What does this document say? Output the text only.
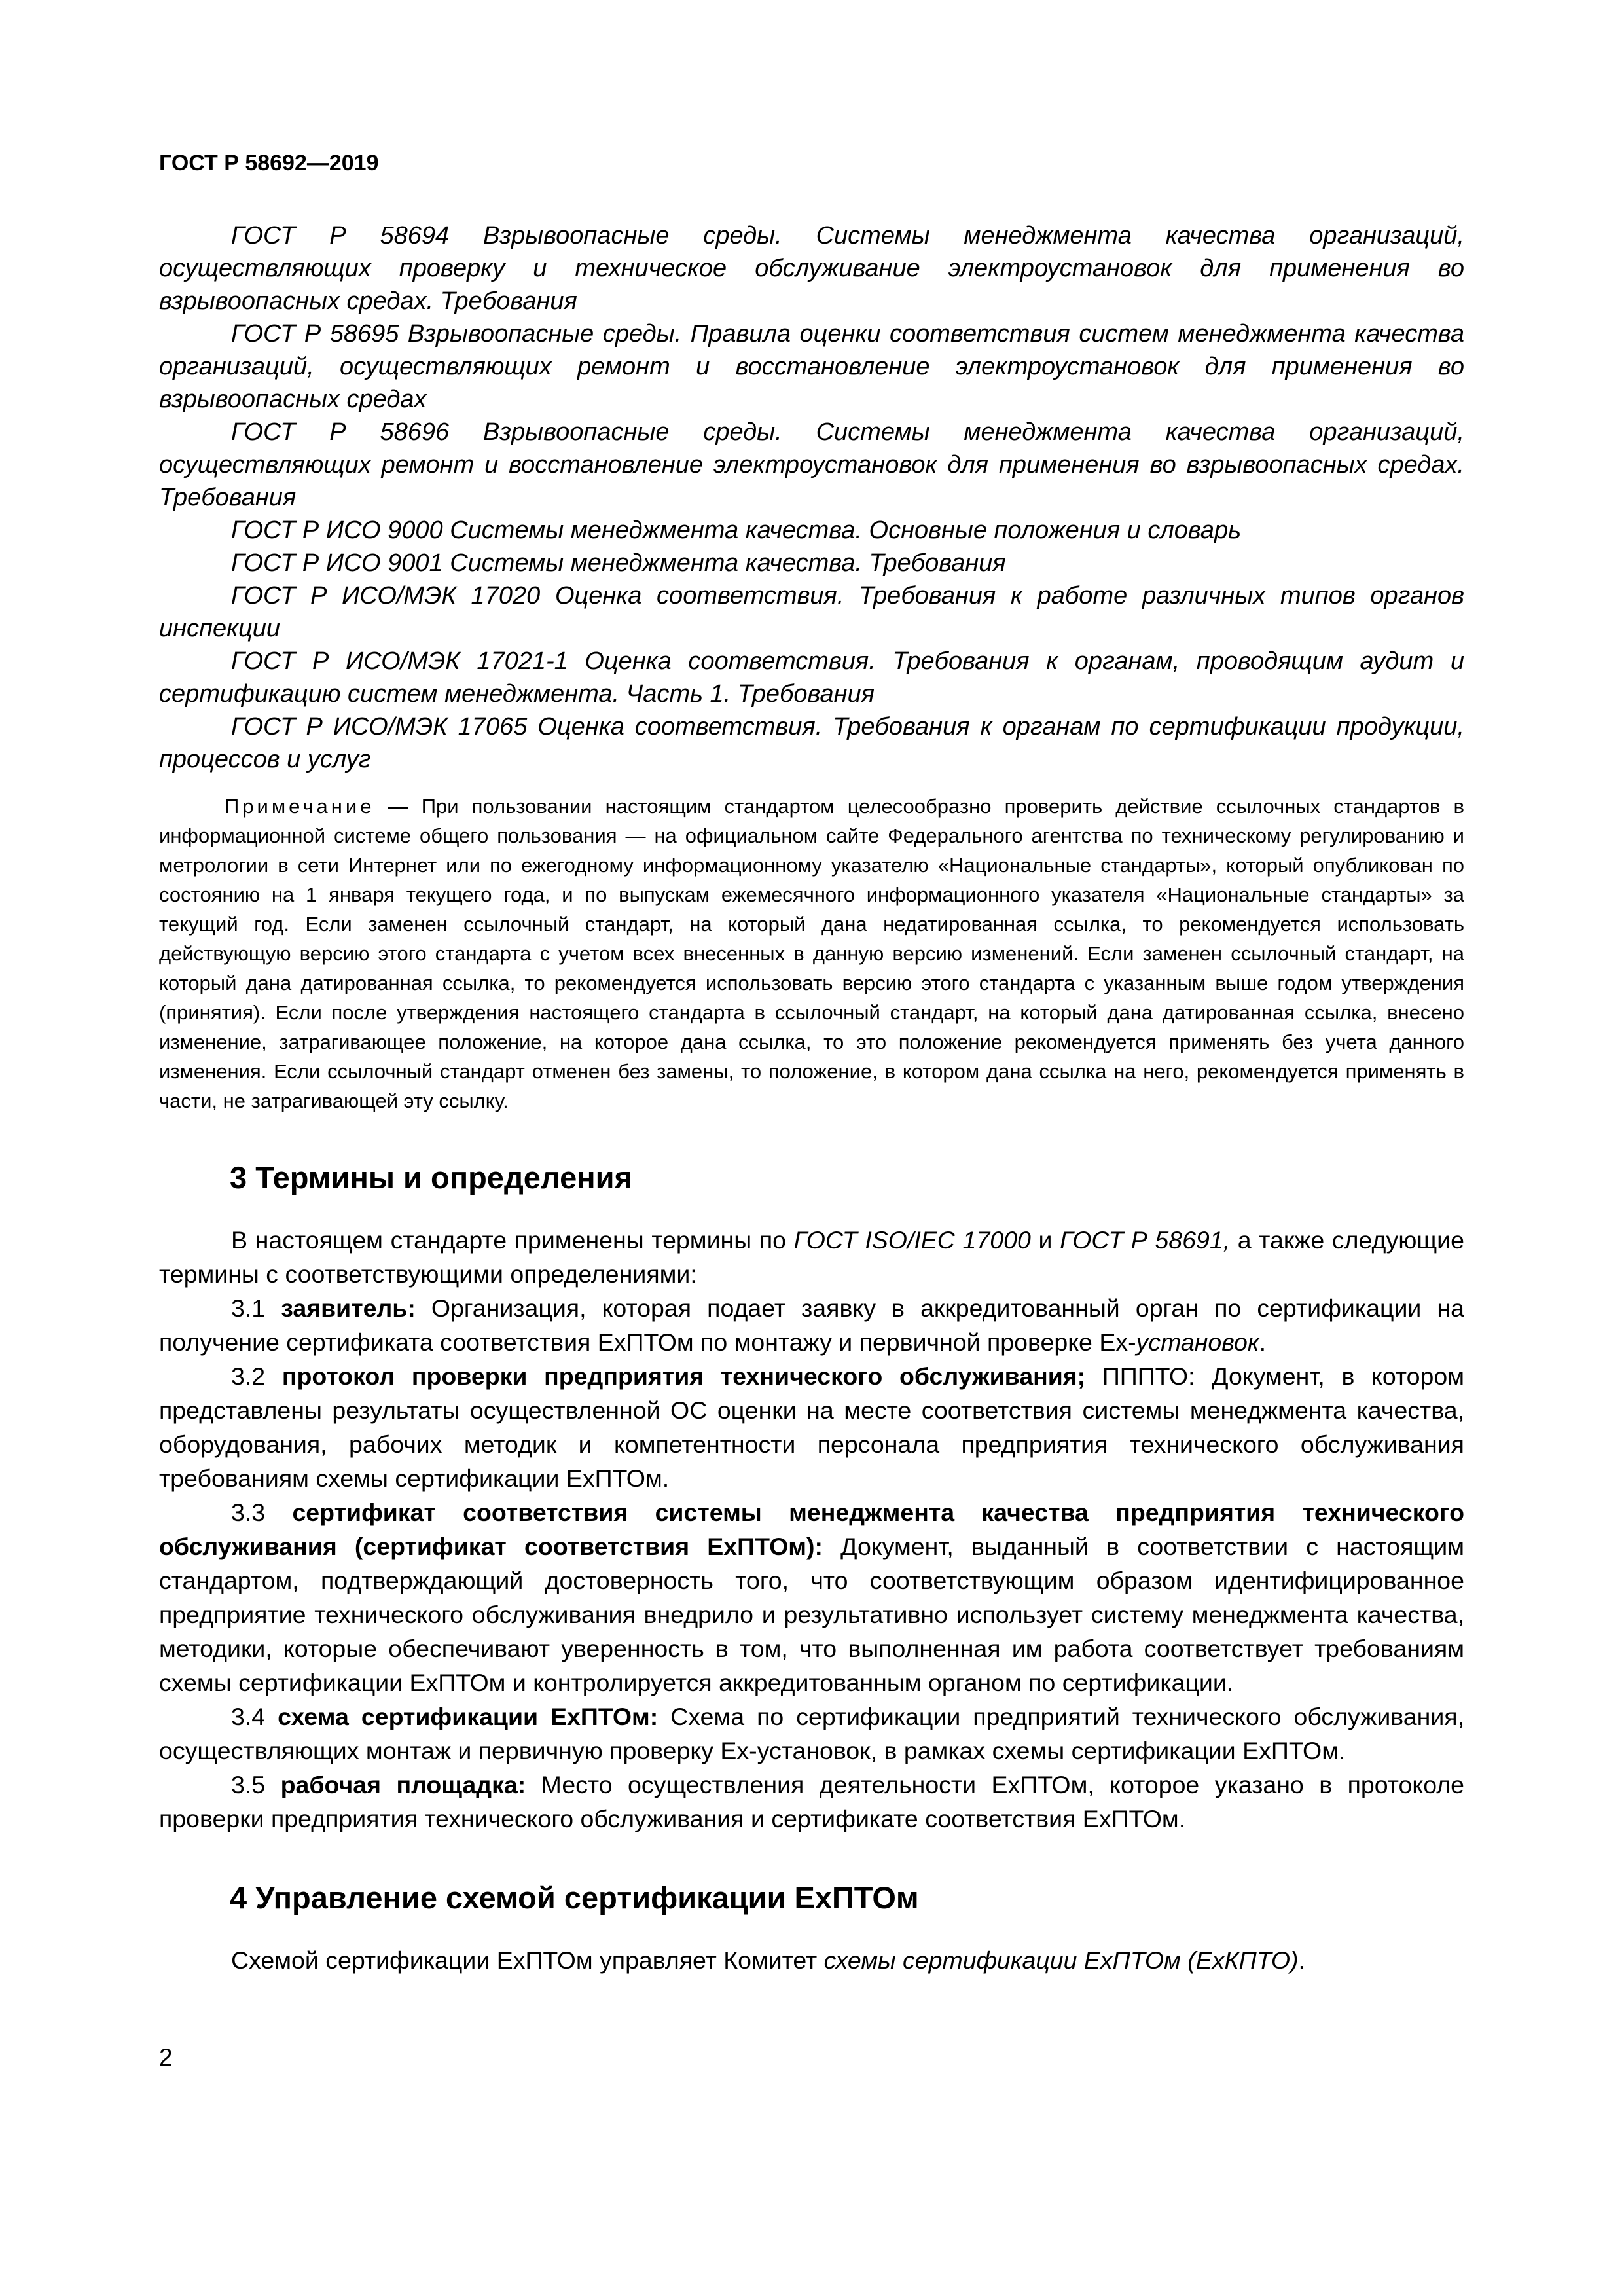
ГОСТ Р 58692—2019

ГОСТ Р 58694 Взрывоопасные среды. Системы менеджмента качества организаций, осуществляющих проверку и техническое обслуживание электроустановок для применения во взрывоопасных средах. Требования

ГОСТ Р 58695 Взрывоопасные среды. Правила оценки соответствия систем менеджмента качества организаций, осуществляющих ремонт и восстановление электроустановок для применения во взрывоопасных средах

ГОСТ Р 58696 Взрывоопасные среды. Системы менеджмента качества организаций, осуществляющих ремонт и восстановление электроустановок для применения во взрывоопасных средах. Требования

ГОСТ Р ИСО 9000 Системы менеджмента качества. Основные положения и словарь

ГОСТ Р ИСО 9001 Системы менеджмента качества. Требования

ГОСТ Р ИСО/МЭК 17020 Оценка соответствия. Требования к работе различных типов органов инспекции

ГОСТ Р ИСО/МЭК 17021-1 Оценка соответствия. Требования к органам, проводящим аудит и сертификацию систем менеджмента. Часть 1. Требования

ГОСТ Р ИСО/МЭК 17065 Оценка соответствия. Требования к органам по сертификации продукции, процессов и услуг

Примечание — При пользовании настоящим стандартом целесообразно проверить действие ссылочных стандартов в информационной системе общего пользования — на официальном сайте Федерального агентства по техническому регулированию и метрологии в сети Интернет или по ежегодному информационному указателю «Национальные стандарты», который опубликован по состоянию на 1 января текущего года, и по выпускам ежемесячного информационного указателя «Национальные стандарты» за текущий год. Если заменен ссылочный стандарт, на который дана недатированная ссылка, то рекомендуется использовать действующую версию этого стандарта с учетом всех внесенных в данную версию изменений. Если заменен ссылочный стандарт, на который дана датированная ссылка, то рекомендуется использовать версию этого стандарта с указанным выше годом утверждения (принятия). Если после утверждения настоящего стандарта в ссылочный стандарт, на который дана датированная ссылка, внесено изменение, затрагивающее положение, на которое дана ссылка, то это положение рекомендуется применять без учета данного изменения. Если ссылочный стандарт отменен без замены, то положение, в котором дана ссылка на него, рекомендуется применять в части, не затрагивающей эту ссылку.

3 Термины и определения

В настоящем стандарте применены термины по ГОСТ ISO/IEC 17000 и ГОСТ Р 58691, а также следующие термины с соответствующими определениями:

3.1 заявитель: Организация, которая подает заявку в аккредитованный орган по сертификации на получение сертификата соответствия ExПТОм по монтажу и первичной проверке Ex-установок.

3.2 протокол проверки предприятия технического обслуживания; ПППТО: Документ, в котором представлены результаты осуществленной ОС оценки на месте соответствия системы менеджмента качества, оборудования, рабочих методик и компетентности персонала предприятия технического обслуживания требованиям схемы сертификации ExПТОм.

3.3 сертификат соответствия системы менеджмента качества предприятия технического обслуживания (сертификат соответствия ExПТОм): Документ, выданный в соответствии с настоящим стандартом, подтверждающий достоверность того, что соответствующим образом идентифицированное предприятие технического обслуживания внедрило и результативно использует систему менеджмента качества, методики, которые обеспечивают уверенность в том, что выполненная им работа соответствует требованиям схемы сертификации ExПТОм и контролируется аккредитованным органом по сертификации.

3.4 схема сертификации ExПТОм: Схема по сертификации предприятий технического обслуживания, осуществляющих монтаж и первичную проверку Ex-установок, в рамках схемы сертификации ExПТОм.

3.5 рабочая площадка: Место осуществления деятельности ExПТОм, которое указано в протоколе проверки предприятия технического обслуживания и сертификате соответствия ExПТОм.

4 Управление схемой сертификации ExПТОм

Схемой сертификации ExПТОм управляет Комитет схемы сертификации ExПТОм (ExКПТО).

2
